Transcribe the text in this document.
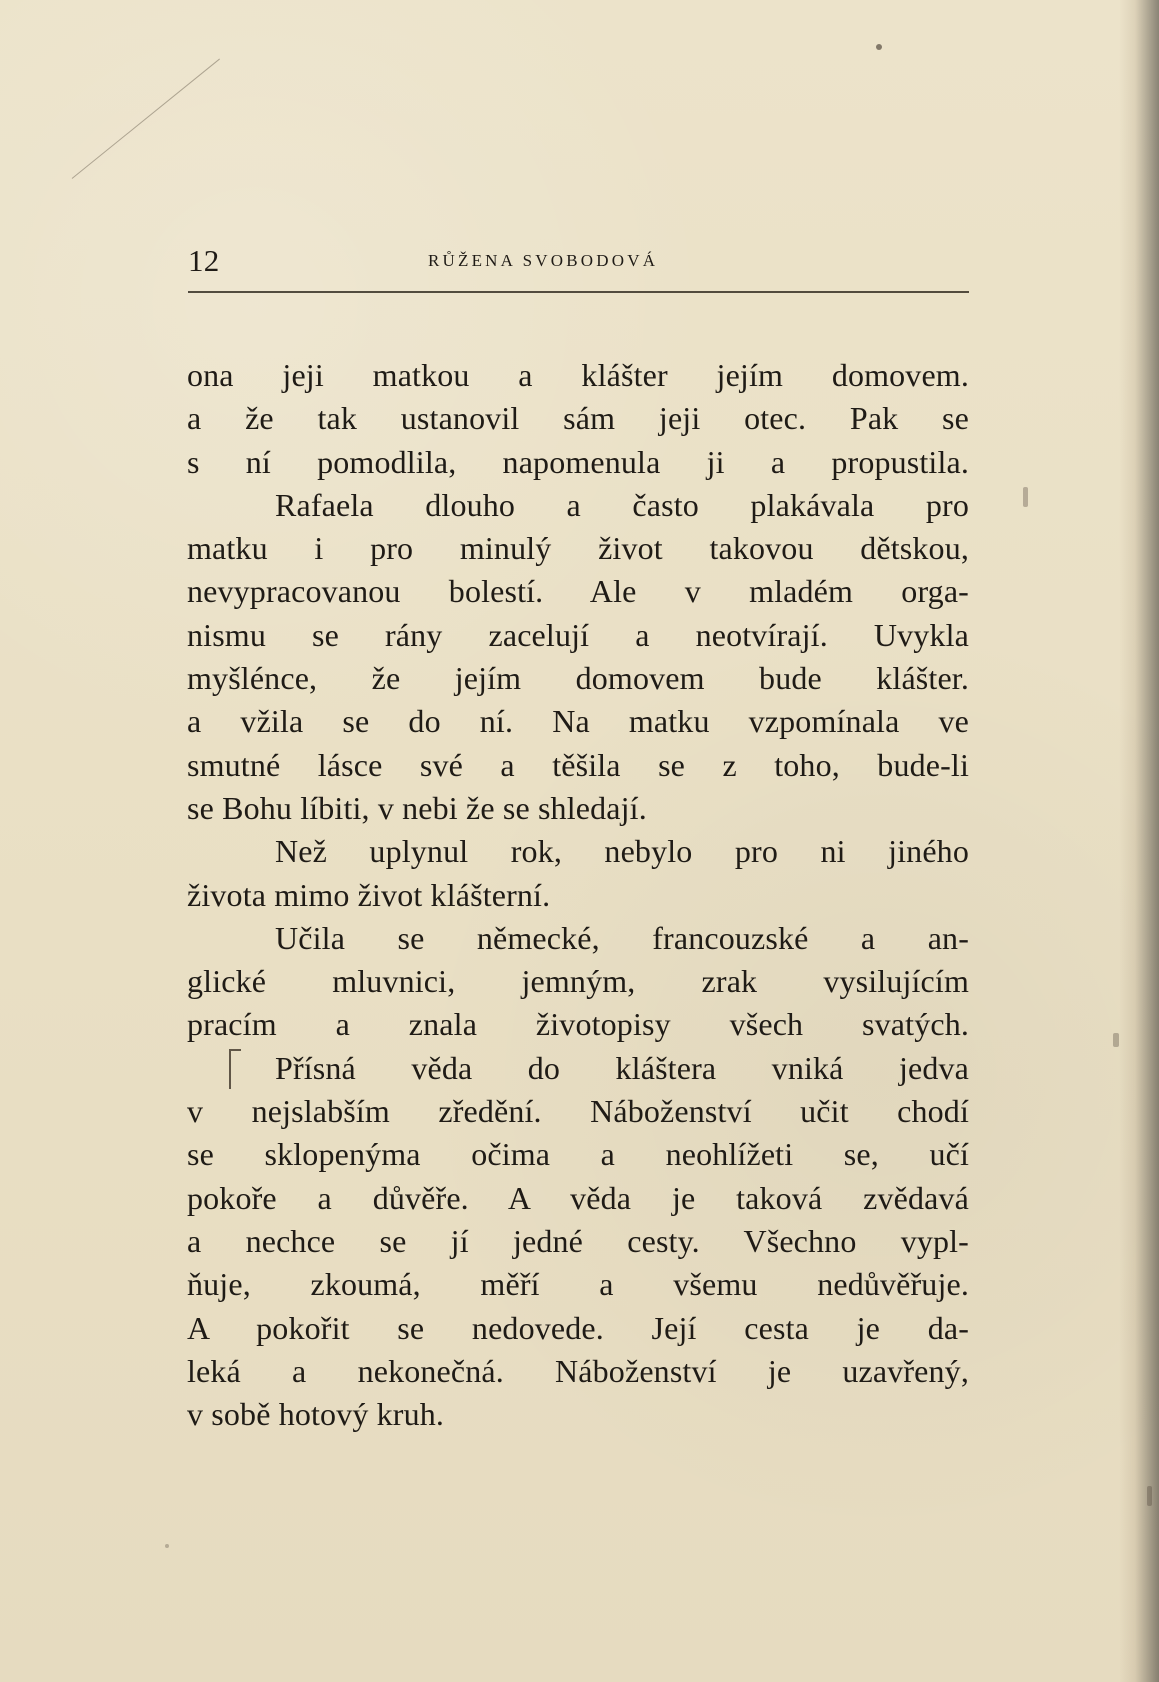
12	RŮŽENA SVOBODOVÁ
ona jeji matkou a klášter jejím domovem.
a že tak ustanovil sám jeji otec. Pak se
s ní pomodlila, napomenula ji a propustila.
Rafaela dlouho a často plakávala pro
matku i pro minulý život takovou dětskou,
nevypracovanou bolestí. Ale v mladém orga-
nismu se rány zacelují a neotvírají. Uvykla
myšlénce, že jejím domovem bude klášter.
a vžila se do ní. Na matku vzpomínala ve
smutné lásce své a těšila se z toho, bude-li
se Bohu líbiti, v nebi že se shledají.
Než uplynul rok, nebylo pro ni jiného
života mimo život klášterní.
Učila se německé, francouzské a an-
glické mluvnici, jemným, zrak vysilujícím
pracím a znala životopisy všech svatých.
Přísná věda do kláštera vniká jedva
v nejslabším zředění. Náboženství učit chodí
se sklopenýma očima a neohlížeti se, učí
pokoře a důvěře. A věda je taková zvědavá
a nechce se jí jedné cesty. Všechno vypl-
ňuje, zkoumá, měří a všemu nedůvěřuje.
A pokořit se nedovede. Její cesta je da-
leká a nekonečná. Náboženství je uzavřený,
v sobě hotový kruh.
